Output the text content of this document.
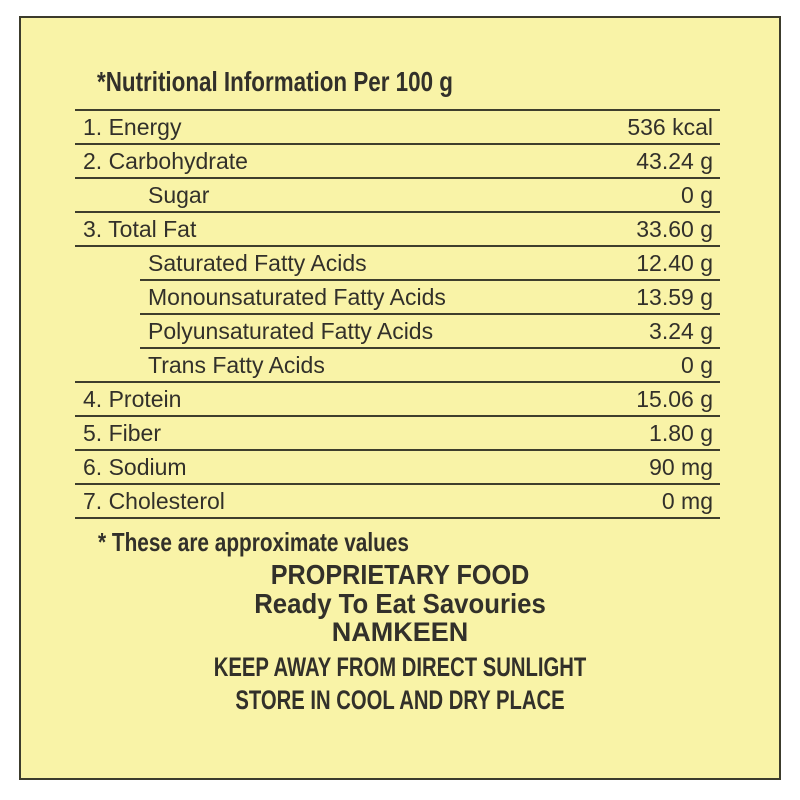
*Nutritional Information Per 100 g
1. Energy	536 kcal
2. Carbohydrate	43.24 g
Sugar	0 g
3. Total Fat	33.60 g
Saturated Fatty Acids	12.40 g
Monounsaturated Fatty Acids	13.59 g
Polyunsaturated Fatty Acids	3.24 g
Trans Fatty Acids	0 g
4. Protein	15.06 g
5. Fiber	1.80 g
6. Sodium	90 mg
7. Cholesterol	0 mg
* These are approximate values
PROPRIETARY FOOD
Ready To Eat Savouries
NAMKEEN
KEEP AWAY FROM DIRECT SUNLIGHT
STORE IN COOL AND DRY PLACE
